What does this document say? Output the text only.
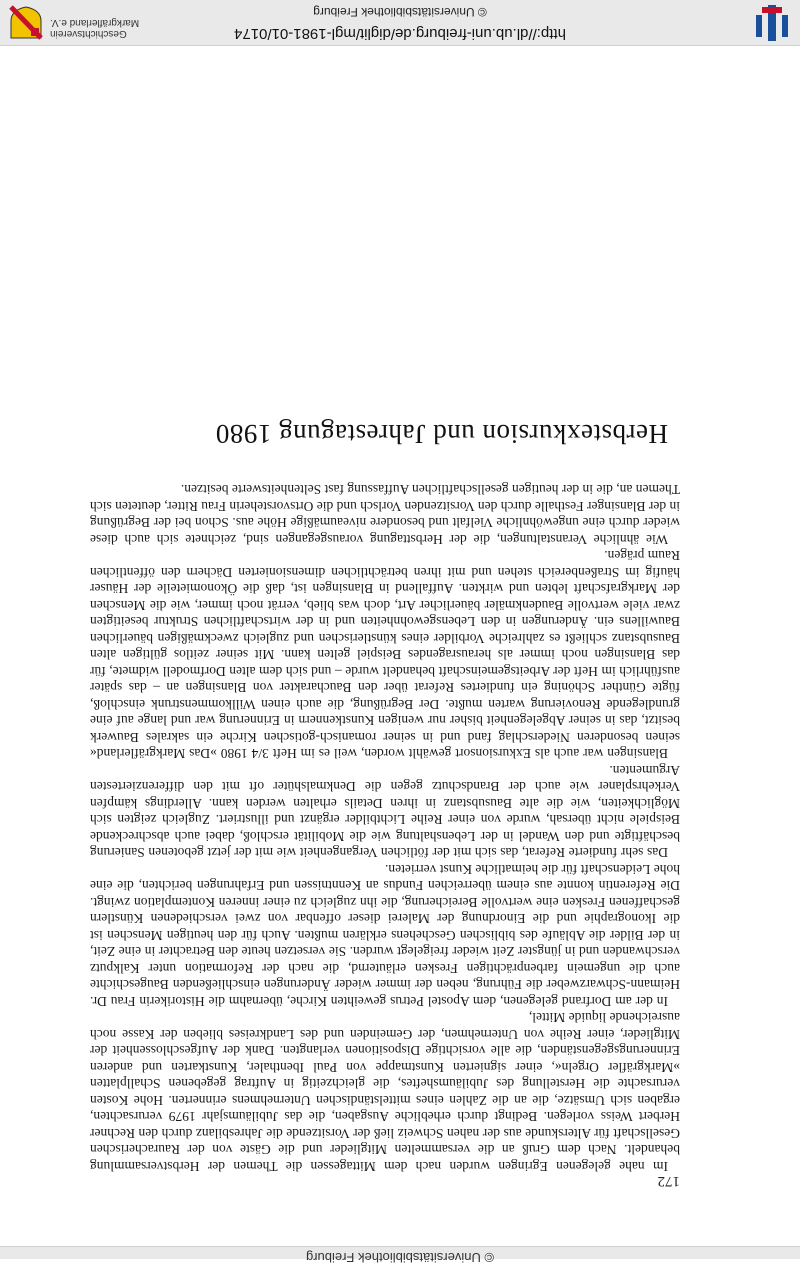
© Universitätsbibliothek Freiburg
172

Im nahe gelegenen Egringen wurden nach dem Mittagessen die Themen der Herbstversammlung behandelt. Nach dem Gruß an die versammelten Mitglieder und die Gäste von der Rauracherischen Gesellschaft für Alterskunde aus der nahen Schweiz ließ der Vorsitzende die Jahresbilanz durch den Rechner Herbert Weiss vorlegen. Bedingt durch erhebliche Ausgaben, die das Jubiläumsjahr 1979 verursachten, ergaben sich Umsätze, die an die Zahlen eines mittelständischen Unternehmens erinnerten. Hohe Kosten verursachte die Herstellung des Jubiläumsheftes, die gleichzeitig in Auftrag gegebenen Schallplatten »Markgräfler Orgeln«, einer signierten Kunstmappe von Paul Ibenthaler, Kunstkarten und anderen Erinnerungsgegenständen, die alle vorsichtige Dispositionen verlangten. Dank der Aufgeschlossenheit der Mitglieder, einer Reihe von Unternehmen, der Gemeinden und des Landkreises blieben der Kasse noch ausreichende liquide Mittel,

In der am Dorfrand gelegenen, dem Apostel Petrus geweihten Kirche, übernahm die Historikerin Frau Dr. Heimann-Schwarzweber die Führung, neben der immer wieder Änderungen einschließenden Baugeschichte auch die ungemein farbenprächtigen Fresken erläuternd, die nach der Reformation unter Kalkputz verschwanden und in jüngster Zeit wieder freigelegt wurden. Sie versetzen heute den Betrachter in eine Zeit, in der Bilder die Abläufe des biblischen Geschehens erklären mußten. Auch für den heutigen Menschen ist die Ikonographie und die Einordnung der Malerei dieser offenbar von zwei verschiedenen Künstlern geschaffenen Fresken eine wertvolle Bereicherung, die ihn zugleich zu einer inneren Kontemplation zwingt. Die Referentin konnte aus einem überreichen Fundus an Kenntnissen und Erfahrungen berichten, die eine hohe Leidenschaft für die heimatliche Kunst verrieten.

Das sehr fundierte Referat, das sich mit der fötlichen Vergangenheit wie mit der jetzt gebotenen Sanierung beschäftigte und den Wandel in der Lebenshaltung wie die Mobilität erschloß, dabei auch abschreckende Beispiele nicht übersah, wurde von einer Reihe Lichtbilder ergänzt und illustriert. Zugleich zeigten sich Möglichkeiten, wie die alte Bausubstanz in ihren Details erhalten werden kann. Allerdings kämpfen Verkehrsplaner wie auch der Brandschutz gegen die Denkmalshüter oft mit den differenziertesten Argumenten.

Blansingen war auch als Exkursionsort gewählt worden, weil es im Heft 3/4 1980 »Das Markgräflerland« seinen besonderen Niederschlag fand und in seiner romanisch-gotischen Kirche ein sakrales Bauwerk besitzt, das in seiner Abgelegenheit bisher nur wenigen Kunstkennern in Erinnerung war und lange auf eine grundlegende Renovierung warten mußte. Der Begrüßung, die auch einen Willkommenstrunk einschloß, fügte Günther Schöning ein fundiertes Referat über den Baucharakter von Blansingen an – das später ausführlich im Heft der Arbeitsgemeinschaft behandelt wurde – und sich dem alten Dorfmodell widmete, für das Blansingen noch immer als herausragendes Beispiel gelten kann. Mit seiner zeitlos gültigen alten Bausubstanz schließt es zahlreiche Vorbilder eines künstlerischen und zugleich zweckmäßigen bäuerlichen Bauwillens ein. Änderungen in den Lebensgewohnheiten und in der wirtschaftlichen Struktur beseitigten zwar viele wertvolle Baudenkmäler bäuerlicher Art, doch was blieb, verrät noch immer, wie die Menschen der Markgrafschaft lebten und wirkten. Auffallend in Blansingen ist, daß die Ökonomieteile der Häuser häufig im Straßenbereich stehen und mit ihren beträchtlichen dimensionierten Dächern den öffentlichen Raum prägen.

Wie ähnliche Veranstaltungen, die der Herbsttagung vorausgegangen sind, zeichnete sich auch diese wieder durch eine ungewöhnliche Vielfalt und besondere niveaumäßige Höhe aus. Schon bei der Begrüßung in der Blansinger Festhalle durch den Vorsitzenden Vorlsch und die Ortsvorsteherin Frau Ritter, deuteten sich Themen an, die in der heutigen gesellschaftlichen Auffassung fast Seltenheitswerte besitzen.

Herbstexkursion und Jahrestagung 1980
http://dl.ub.uni-freiburg.de/diglit/mgl-1981-01/0174
© Universitätsbibliothek Freiburg
Geschichtsverein
Markgräflerland e.V.
